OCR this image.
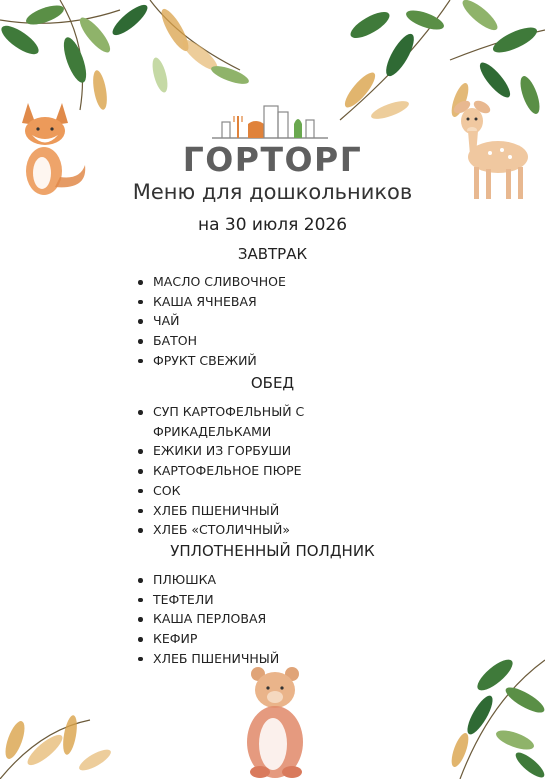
ГОРТОРГ
Меню для дошкольников
на 30 июля 2026
ЗАВТРАК
МАСЛО СЛИВОЧНОЕ
КАША ЯЧНЕВАЯ
ЧАЙ
БАТОН
ФРУКТ СВЕЖИЙ
ОБЕД
СУП КАРТОФЕЛЬНЫЙ С ФРИКАДЕЛЬКАМИ
ЕЖИКИ ИЗ ГОРБУШИ
КАРТОФЕЛЬНОЕ ПЮРЕ
СОК
ХЛЕБ ПШЕНИЧНЫЙ
ХЛЕБ «СТОЛИЧНЫЙ»
УПЛОТНЕННЫЙ ПОЛДНИК
ПЛЮШКА
ТЕФТЕЛИ
КАША ПЕРЛОВАЯ
КЕФИР
ХЛЕБ ПШЕНИЧНЫЙ
